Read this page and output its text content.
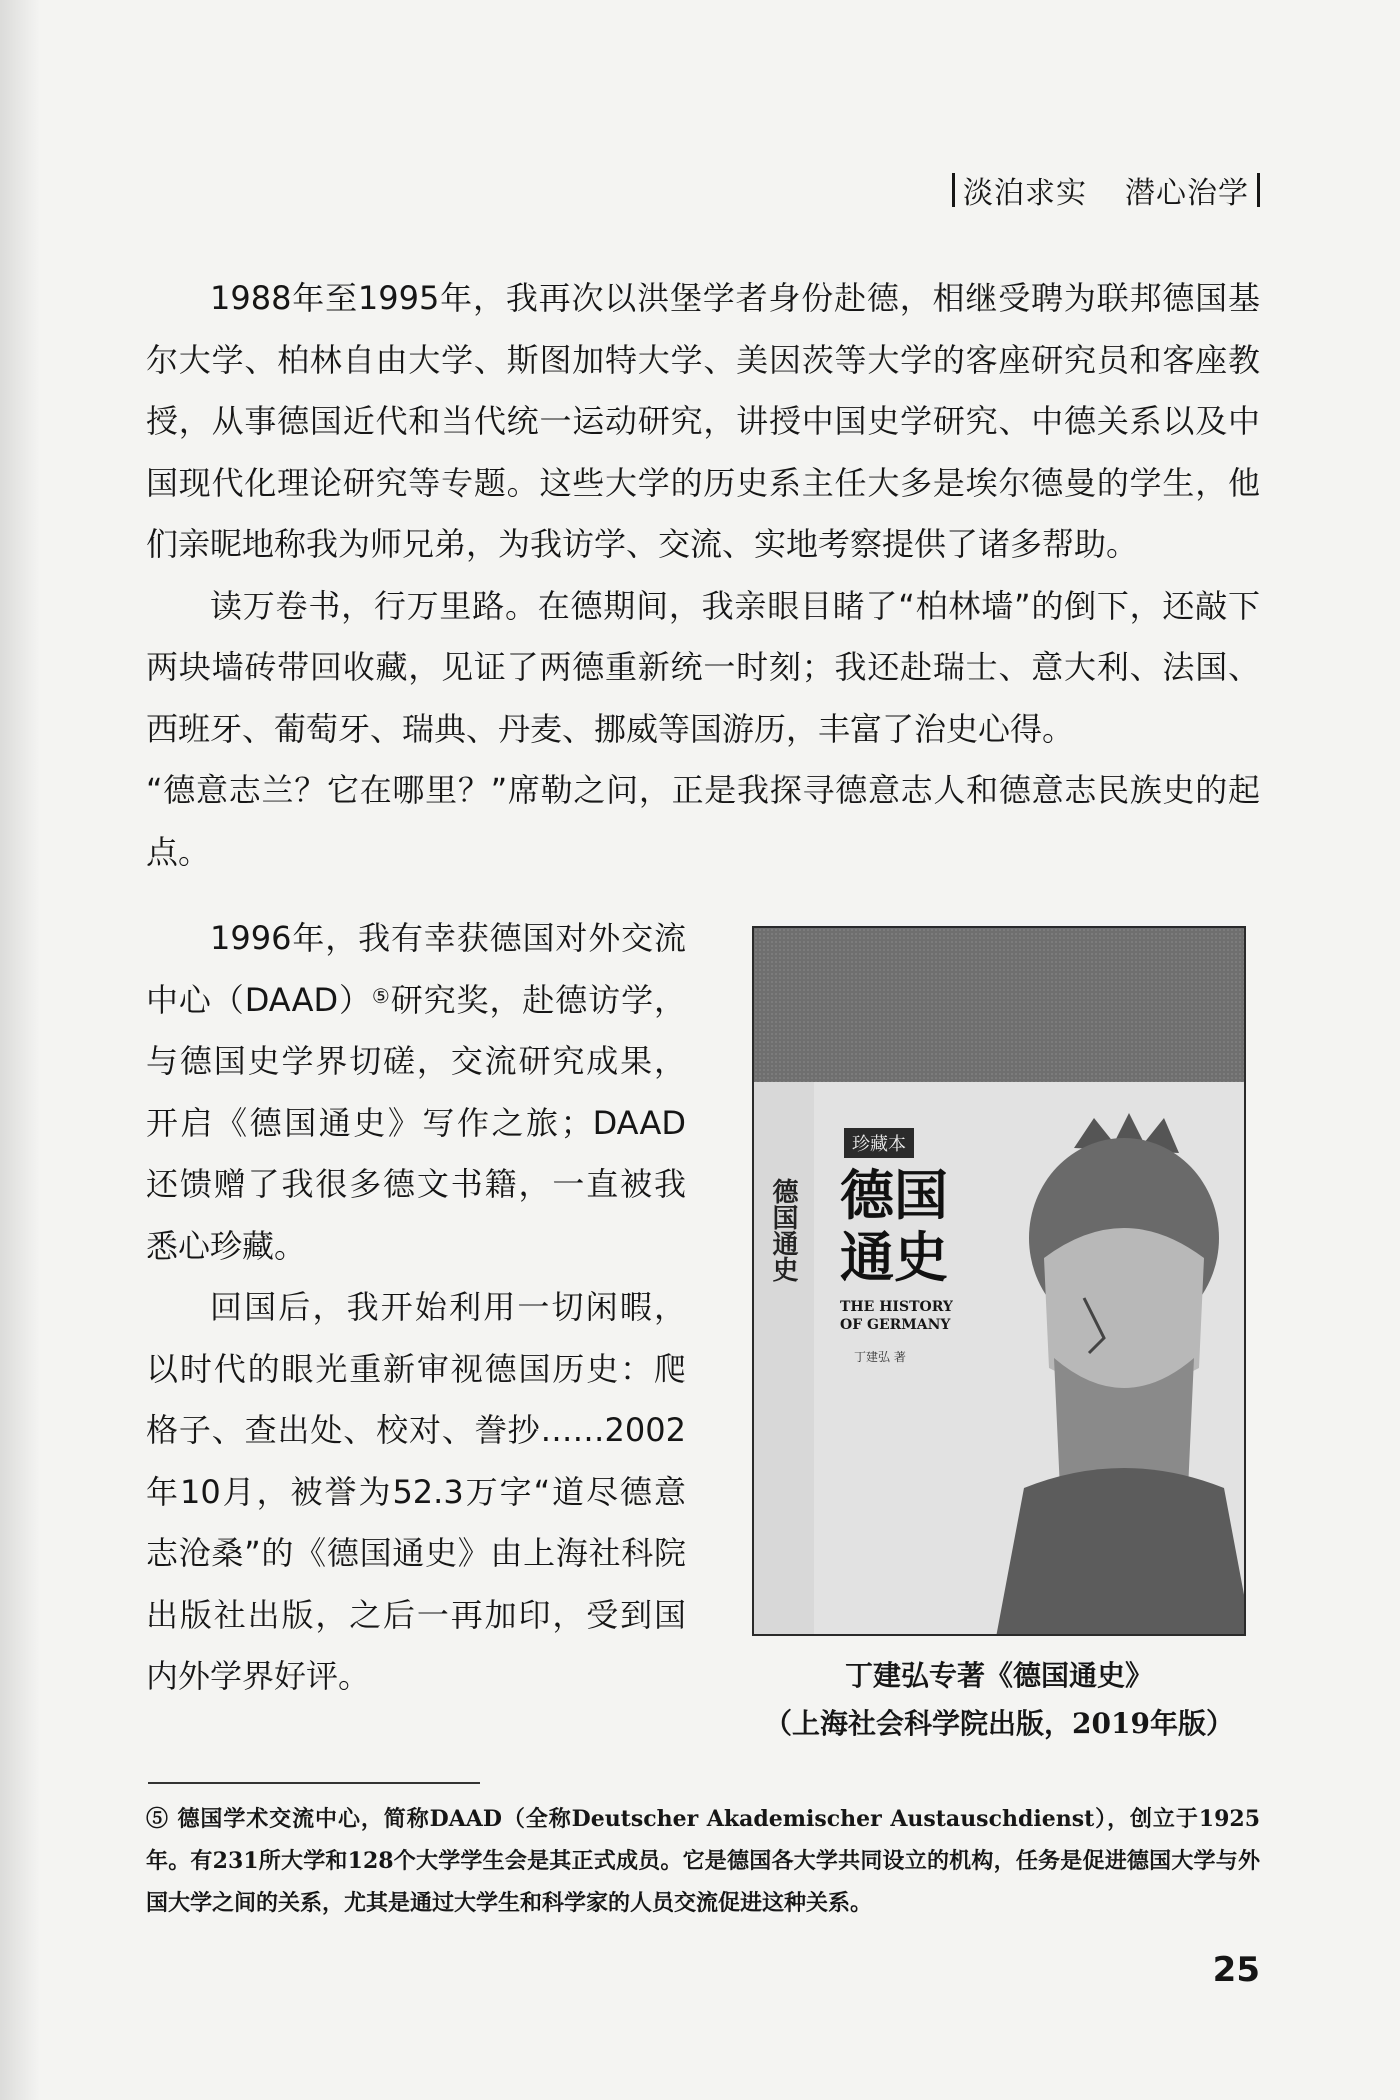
淡泊求实 潜心治学

1988年至1995年，我再次以洪堡学者身份赴德，相继受聘为联邦德国基尔大学、柏林自由大学、斯图加特大学、美因茨等大学的客座研究员和客座教授，从事德国近代和当代统一运动研究，讲授中国史学研究、中德关系以及中国现代化理论研究等专题。这些大学的历史系主任大多是埃尔德曼的学生，他们亲昵地称我为师兄弟，为我访学、交流、实地考察提供了诸多帮助。

读万卷书，行万里路。在德期间，我亲眼目睹了“柏林墙”的倒下，还敲下两块墙砖带回收藏，见证了两德重新统一时刻；我还赴瑞士、意大利、法国、西班牙、葡萄牙、瑞典、丹麦、挪威等国游历，丰富了治史心得。

“德意志兰？它在哪里？”席勒之问，正是我探寻德意志人和德意志民族史的起点。

1996年，我有幸获德国对外交流中心（DAAD）⑤研究奖，赴德访学，与德国史学界切磋，交流研究成果，开启《德国通史》写作之旅；DAAD还馈赠了我很多德文书籍，一直被我悉心珍藏。

回国后，我开始利用一切闲暇，以时代的眼光重新审视德国历史：爬格子、查出处、校对、誊抄……2002年10月，被誉为52.3万字“道尽德意志沧桑”的《德国通史》由上海社科院出版社出版，之后一再加印，受到国内外学界好评。

德国通史
珍藏本
德国通史
THE HISTORY OF GERMANY
丁建弘 著
丁建弘专著《德国通史》
（上海社会科学院出版，2019年版）
⑤ 德国学术交流中心，简称DAAD（全称Deutscher Akademischer Austauschdienst），创立于1925年。有231所大学和128个大学学生会是其正式成员。它是德国各大学共同设立的机构，任务是促进德国大学与外国大学之间的关系，尤其是通过大学生和科学家的人员交流促进这种关系。
25
